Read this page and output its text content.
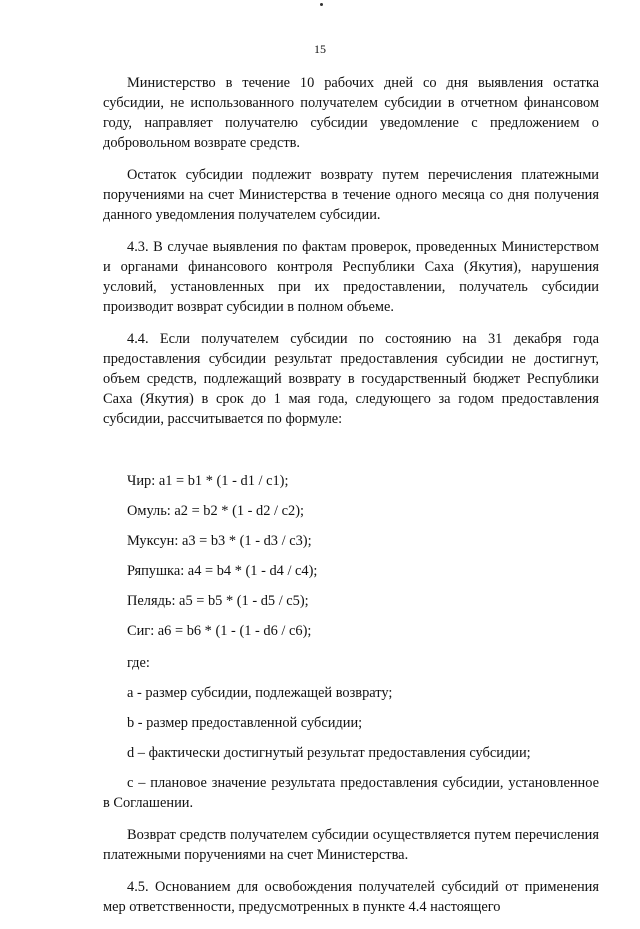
15

Министерство в течение 10 рабочих дней со дня выявления остатка субсидии, не использованного получателем субсидии в отчетном финансовом году, направляет получателю субсидии уведомление с предложением о добровольном возврате средств.

Остаток субсидии подлежит возврату путем перечисления платежными поручениями на счет Министерства в течение одного месяца со дня получения данного уведомления получателем субсидии.

4.3. В случае выявления по фактам проверок, проведенных Министерством и органами финансового контроля Республики Саха (Якутия), нарушения условий, установленных при их предоставлении, получатель субсидии производит возврат субсидии в полном объеме.

4.4. Если получателем субсидии по состоянию на 31 декабря года предоставления субсидии результат предоставления субсидии не достигнут, объем средств, подлежащий возврату в государственный бюджет Республики Саха (Якутия) в срок до 1 мая года, следующего за годом предоставления субсидии, рассчитывается по формуле:

Чир: a1 = b1 * (1 - d1 / c1);
Омуль: a2 = b2 * (1 - d2 / c2);
Муксун: a3 = b3 * (1 - d3 / c3);
Ряпушка: a4 = b4 * (1 - d4 / c4);
Пелядь: a5 = b5 * (1 - d5 / c5);
Сиг: a6 = b6 * (1 - (1 - d6 / c6);
где:
а - размер субсидии, подлежащей возврату;
b - размер предоставленной субсидии;
d – фактически достигнутый результат предоставления субсидии;
с – плановое значение результата предоставления субсидии, установленное в Соглашении.

Возврат средств получателем субсидии осуществляется путем перечисления платежными поручениями на счет Министерства.

4.5. Основанием для освобождения получателей субсидий от применения мер ответственности, предусмотренных в пункте 4.4 настоящего
